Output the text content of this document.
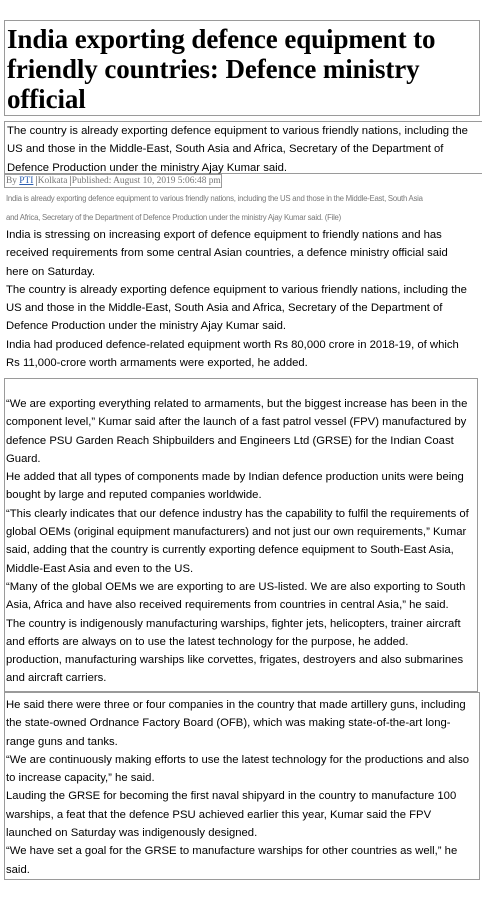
India exporting defence equipment to
friendly countries: Defence ministry
official
The country is already exporting defence equipment to various friendly nations, including the
US and those in the Middle-East, South Asia and Africa, Secretary of the Department of
Defence Production under the ministry Ajay Kumar said.
By PTI Kolkata Published: August 10, 2019 5:06:48 pm
India is already exporting defence equipment to various friendly nations, including the US and those in the Middle-East, South Asia
and Africa, Secretary of the Department of Defence Production under the ministry Ajay Kumar said. (File)
India is stressing on increasing export of defence equipment to friendly nations and has
received requirements from some central Asian countries, a defence ministry official said
here on Saturday.
The country is already exporting defence equipment to various friendly nations, including the
US and those in the Middle-East, South Asia and Africa, Secretary of the Department of
Defence Production under the ministry Ajay Kumar said.
India had produced defence-related equipment worth Rs 80,000 crore in 2018-19, of which
Rs 11,000-crore worth armaments were exported, he added.
“We are exporting everything related to armaments, but the biggest increase has been in the
component level,” Kumar said after the launch of a fast patrol vessel (FPV) manufactured by
defence PSU Garden Reach Shipbuilders and Engineers Ltd (GRSE) for the Indian Coast
Guard.
He added that all types of components made by Indian defence production units were being
bought by large and reputed companies worldwide.
“This clearly indicates that our defence industry has the capability to fulfil the requirements of
global OEMs (original equipment manufacturers) and not just our own requirements,” Kumar
said, adding that the country is currently exporting defence equipment to South-East Asia,
Middle-East Asia and even to the US.
“Many of the global OEMs we are exporting to are US-listed. We are also exporting to South
Asia, Africa and have also received requirements from countries in central Asia,” he said.
The country is indigenously manufacturing warships, fighter jets, helicopters, trainer aircraft
and efforts are always on to use the latest technology for the purpose, he added.
production, manufacturing warships like corvettes, frigates, destroyers and also submarines
and aircraft carriers.
He said there were three or four companies in the country that made artillery guns, including
the state-owned Ordnance Factory Board (OFB), which was making state-of-the-art long-
range guns and tanks.
“We are continuously making efforts to use the latest technology for the productions and also
to increase capacity,” he said.
Lauding the GRSE for becoming the first naval shipyard in the country to manufacture 100
warships, a feat that the defence PSU achieved earlier this year, Kumar said the FPV
launched on Saturday was indigenously designed.
“We have set a goal for the GRSE to manufacture warships for other countries as well,” he
said.
